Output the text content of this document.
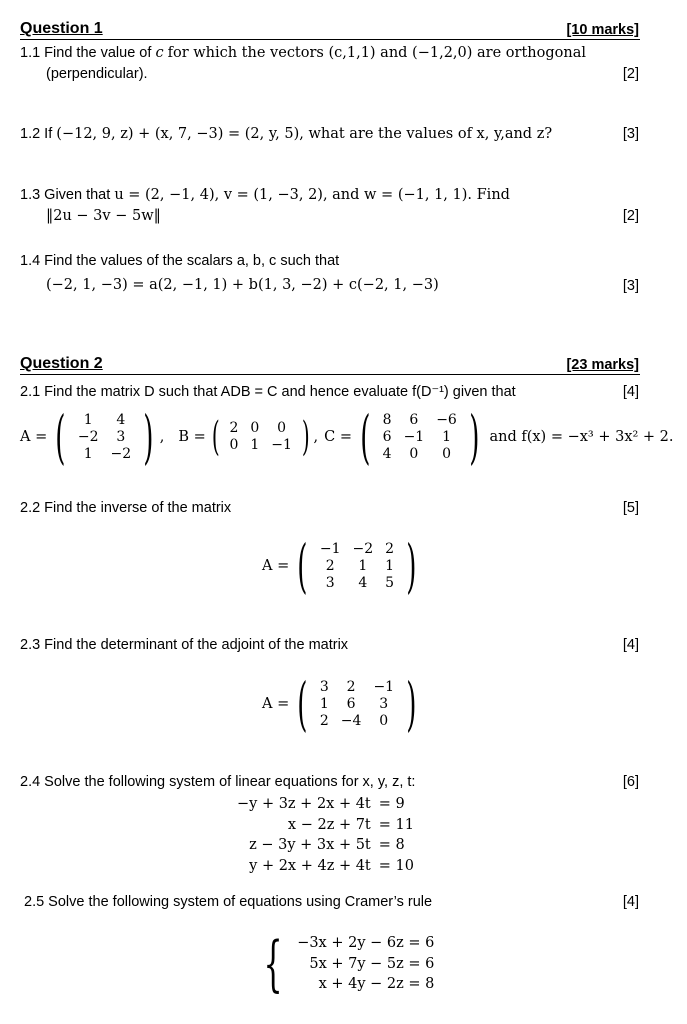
Question 1	[10 marks]
1.1 Find the value of c for which the vectors (c,1,1) and (−1,2,0) are orthogonal
(perpendicular).	[2]
1.2 If (−12, 9, z) + (x, 7, −3) = (2, y, 5), what are the values of x, y,and z?	[3]
1.3 Given that u = (2, −1, 4), v = (1, −3, 2), and w = (−1, 1, 1). Find
‖2u − 3v − 5w‖	[2]
1.4 Find the values of the scalars a, b, c such that
(−2, 1, −3) = a(2, −1, 1) + b(1, 3, −2) + c(−2, 1, −3)	[3]
Question 2	[23 marks]
2.1 Find the matrix D such that ADB = C and hence evaluate f(D⁻¹) given that	[4]
A = ( 1	4
−2	3
1	−2 ) , B = ( 2	0	0
0	1	−1 ) , C = ( 8	6	−6
6	−1	1
4	0	0 ) and f(x) = −x³ + 3x² + 2.
2.2 Find the inverse of the matrix	[5]
A = ( −1	−2	2
2	1	1
3	4	5 )
2.3 Find the determinant of the adjoint of the matrix	[4]
A = ( 3	2	−1
1	6	3
2	−4	0 )
2.4 Solve the following system of linear equations for x, y, z, t:	[6]
−y + 3z + 2x + 4t	= 9
x − 2z + 7t	= 11
z − 3y + 3x + 5t	= 8
y + 2x + 4z + 4t	= 10
2.5 Solve the following system of equations using Cramer’s rule	[4]
{ −3x + 2y − 6z = 6
5x + 7y − 5z = 6
x + 4y − 2z = 8
